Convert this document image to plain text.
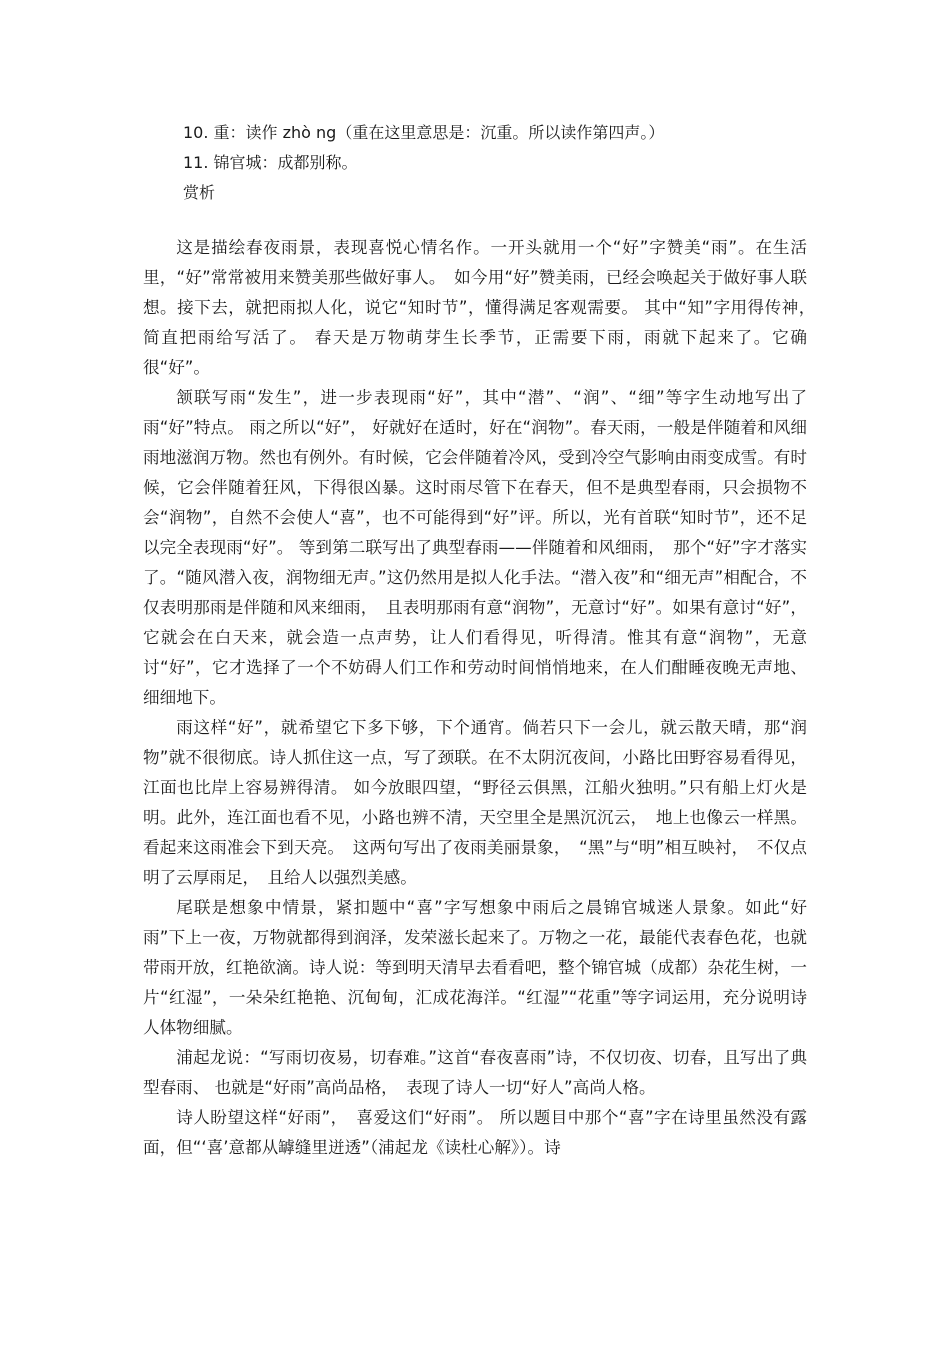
10. 重：读作 zhò ng（重在这里意思是：沉重。所以读作第四声。）
11. 锦官城：成都别称。
赏析

这是描绘春夜雨景，表现喜悦心情名作。一开头就用一个“好”字赞美“雨”。在生活里，“好”常常被用来赞美那些做好事人。　如今用“好”赞美雨，已经会唤起关于做好事人联想。接下去，就把雨拟人化，说它“知时节”，懂得满足客观需要。 其中“知”字用得传神，　简直把雨给写活了。 春天是万物萌芽生长季节，正需要下雨，雨就下起来了。它确很“好”。

颔联写雨“发生”，进一步表现雨“好”，其中“潜”、“润”、“细”等字生动地写出了雨“好”特点。 雨之所以“好”， 好就好在适时，好在“润物”。春天雨，一般是伴随着和风细雨地滋润万物。然也有例外。有时候，它会伴随着冷风，受到冷空气影响由雨变成雪。有时候，它会伴随着狂风，下得很凶暴。这时雨尽管下在春天，但不是典型春雨，只会损物不会“润物”，自然不会使人“喜”，也不可能得到“好”评。所以，光有首联“知时节”，还不足以完全表现雨“好”。 等到第二联写出了典型春雨——伴随着和风细雨，　那个“好”字才落实了。“随风潜入夜，润物细无声。”这仍然用是拟人化手法。“潜入夜”和“细无声”相配合，不仅表明那雨是伴随和风来细雨，　且表明那雨有意“润物”，无意讨“好”。如果有意讨“好”，它就会在白天来，就会造一点声势，让人们看得见，听得清。惟其有意“润物”，无意讨“好”，它才选择了一个不妨碍人们工作和劳动时间悄悄地来，在人们酣睡夜晚无声地、细细地下。

雨这样“好”，就希望它下多下够，下个通宵。倘若只下一会儿，就云散天晴，那“润物”就不很彻底。诗人抓住这一点，写了颈联。在不太阴沉夜间，小路比田野容易看得见，江面也比岸上容易辨得清。 如今放眼四望，“野径云俱黑，江船火独明。”只有船上灯火是明。此外，连江面也看不见，小路也辨不清，天空里全是黑沉沉云，　地上也像云一样黑。 看起来这雨准会下到天亮。　这两句写出了夜雨美丽景象，　“黑”与“明”相互映衬，　不仅点明了云厚雨足，　且给人以强烈美感。

尾联是想象中情景，紧扣题中“喜”字写想象中雨后之晨锦官城迷人景象。如此“好雨”下上一夜，万物就都得到润泽，发荣滋长起来了。万物之一花，最能代表春色花，也就带雨开放，红艳欲滴。诗人说：等到明天清早去看看吧，整个锦官城（成都）杂花生树，一片“红湿”，一朵朵红艳艳、沉甸甸，汇成花海洋。“红湿”“花重”等字词运用，充分说明诗人体物细腻。

浦起龙说：“写雨切夜易，切春难。”这首“春夜喜雨”诗，不仅切夜、切春，且写出了典型春雨、 也就是“好雨”高尚品格，　表现了诗人一切“好人”高尚人格。

诗人盼望这样“好雨”，　喜爱这们“好雨”。 所以题目中那个“喜”字在诗里虽然没有露面，但“‘喜’意都从罅缝里迸透”（浦起龙《读杜心解》）。诗
